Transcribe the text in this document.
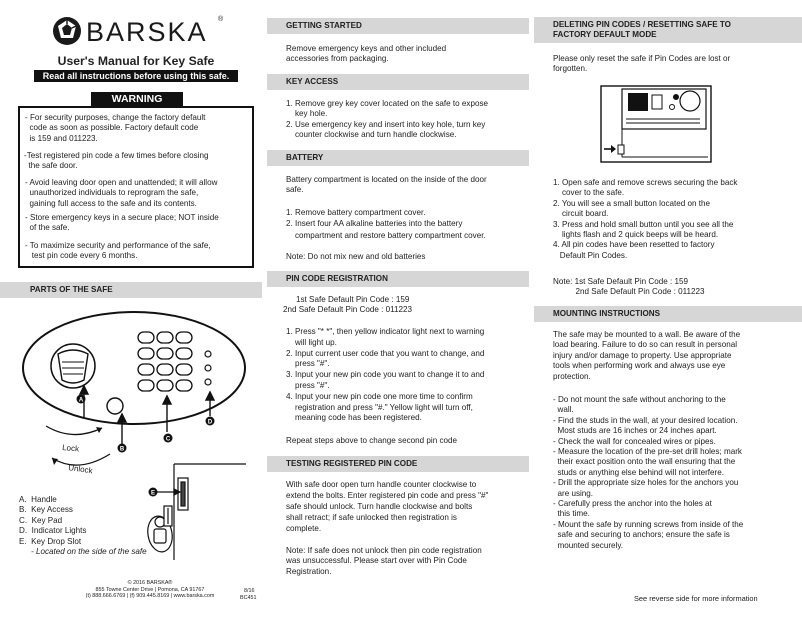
BARSKA ®
User's Manual for Key Safe
Read all instructions before using this safe.
WARNING
- For security purposes, change the factory default
code as soon as possible. Factory default code
is 159 and 011223.
-Test registered pin code a few times before closing
the safe door.
- Avoid leaving door open and unattended; it will allow
unauthorized individuals to reprogram the safe,
gaining full access to the safe and its contents.
- Store emergency keys in a secure place; NOT inside
of the safe.
- To maximize security and performance of the safe,
test pin code every 6 months.
PARTS OF THE SAFE
A
B
C
D
E
Lock
Unlock
A.  Handle
B.  Key Access
C.  Key Pad
D.  Indicator Lights
E.  Key Drop Slot
- Located on the side of the safe
© 2016 BARSKA®
855 Towne Center Drive | Pomona, CA 91767
(t) 888.666.6769 | (f) 909.445.8169 | www.barska.com
8/16
BC451
GETTING STARTED
Remove emergency keys and other included
accessories from packaging.
KEY ACCESS
1. Remove grey key cover located on the safe to expose
key hole.
2. Use emergency key and insert into key hole, turn key
counter clockwise and turn handle clockwise.
BATTERY
Battery compartment is located on the inside of the door
safe.
1. Remove battery compartment cover.
2. Insert four AA alkaline batteries into the battery
compartment and restore battery compartment cover.
Note: Do not mix new and old batteries
PIN CODE REGISTRATION
1st Safe Default Pin Code : 159
2nd Safe Default Pin Code : 011223
1. Press "* *", then yellow indicator light next to warning
will light up.
2. Input current user code that you want to change, and
press "#".
3. Input your new pin code you want to change it to and
press "#".
4. Input your new pin code one more time to confirm
registration and press "#." Yellow light will turn off,
meaning code has been registered.
Repeat steps above to change second pin code
TESTING REGISTERED PIN CODE
With safe door open turn handle counter clockwise to
extend the bolts. Enter registered pin code and press "#"
safe should unlock. Turn handle clockwise and bolts
shall retract; if safe unlocked then registration is
complete.
Note: If safe does not unlock then pin code registration
was unsuccessful. Please start over with Pin Code
Registration.
DELETING PIN CODES / RESETTING SAFE TO
FACTORY DEFAULT MODE
Please only reset the safe if Pin Codes are lost or
forgotten.
1. Open safe and remove screws securing the back
cover to the safe.
2. You will see a small button located on the
circuit board.
3. Press and hold small button until you see all the
lights flash and 2 quick beeps will be heard.
4. All pin codes have been resetted to factory
Default Pin Codes.
Note: 1st Safe Default Pin Code : 159
2nd Safe Default Pin Code : 011223
MOUNTING INSTRUCTIONS
The safe may be mounted to a wall. Be aware of the
load bearing. Failure to do so can result in personal
injury and/or damage to property. Use appropriate
tools when performing work and always use eye
protection.
- Do not mount the safe without anchoring to the
wall.
- Find the studs in the wall, at your desired location.
Most studs are 16 inches or 24 inches apart.
- Check the wall for concealed wires or pipes.
- Measure the location of the pre-set drill holes; mark
their exact position onto the wall ensuring that the
studs or anything else behind will not interfere.
- Drill the appropriate size holes for the anchors you
are using.
- Carefully press the anchor into the holes at
this time.
- Mount the safe by running screws from inside of the
safe and securing to anchors; ensure the safe is
mounted securely.
See reverse side for more information
